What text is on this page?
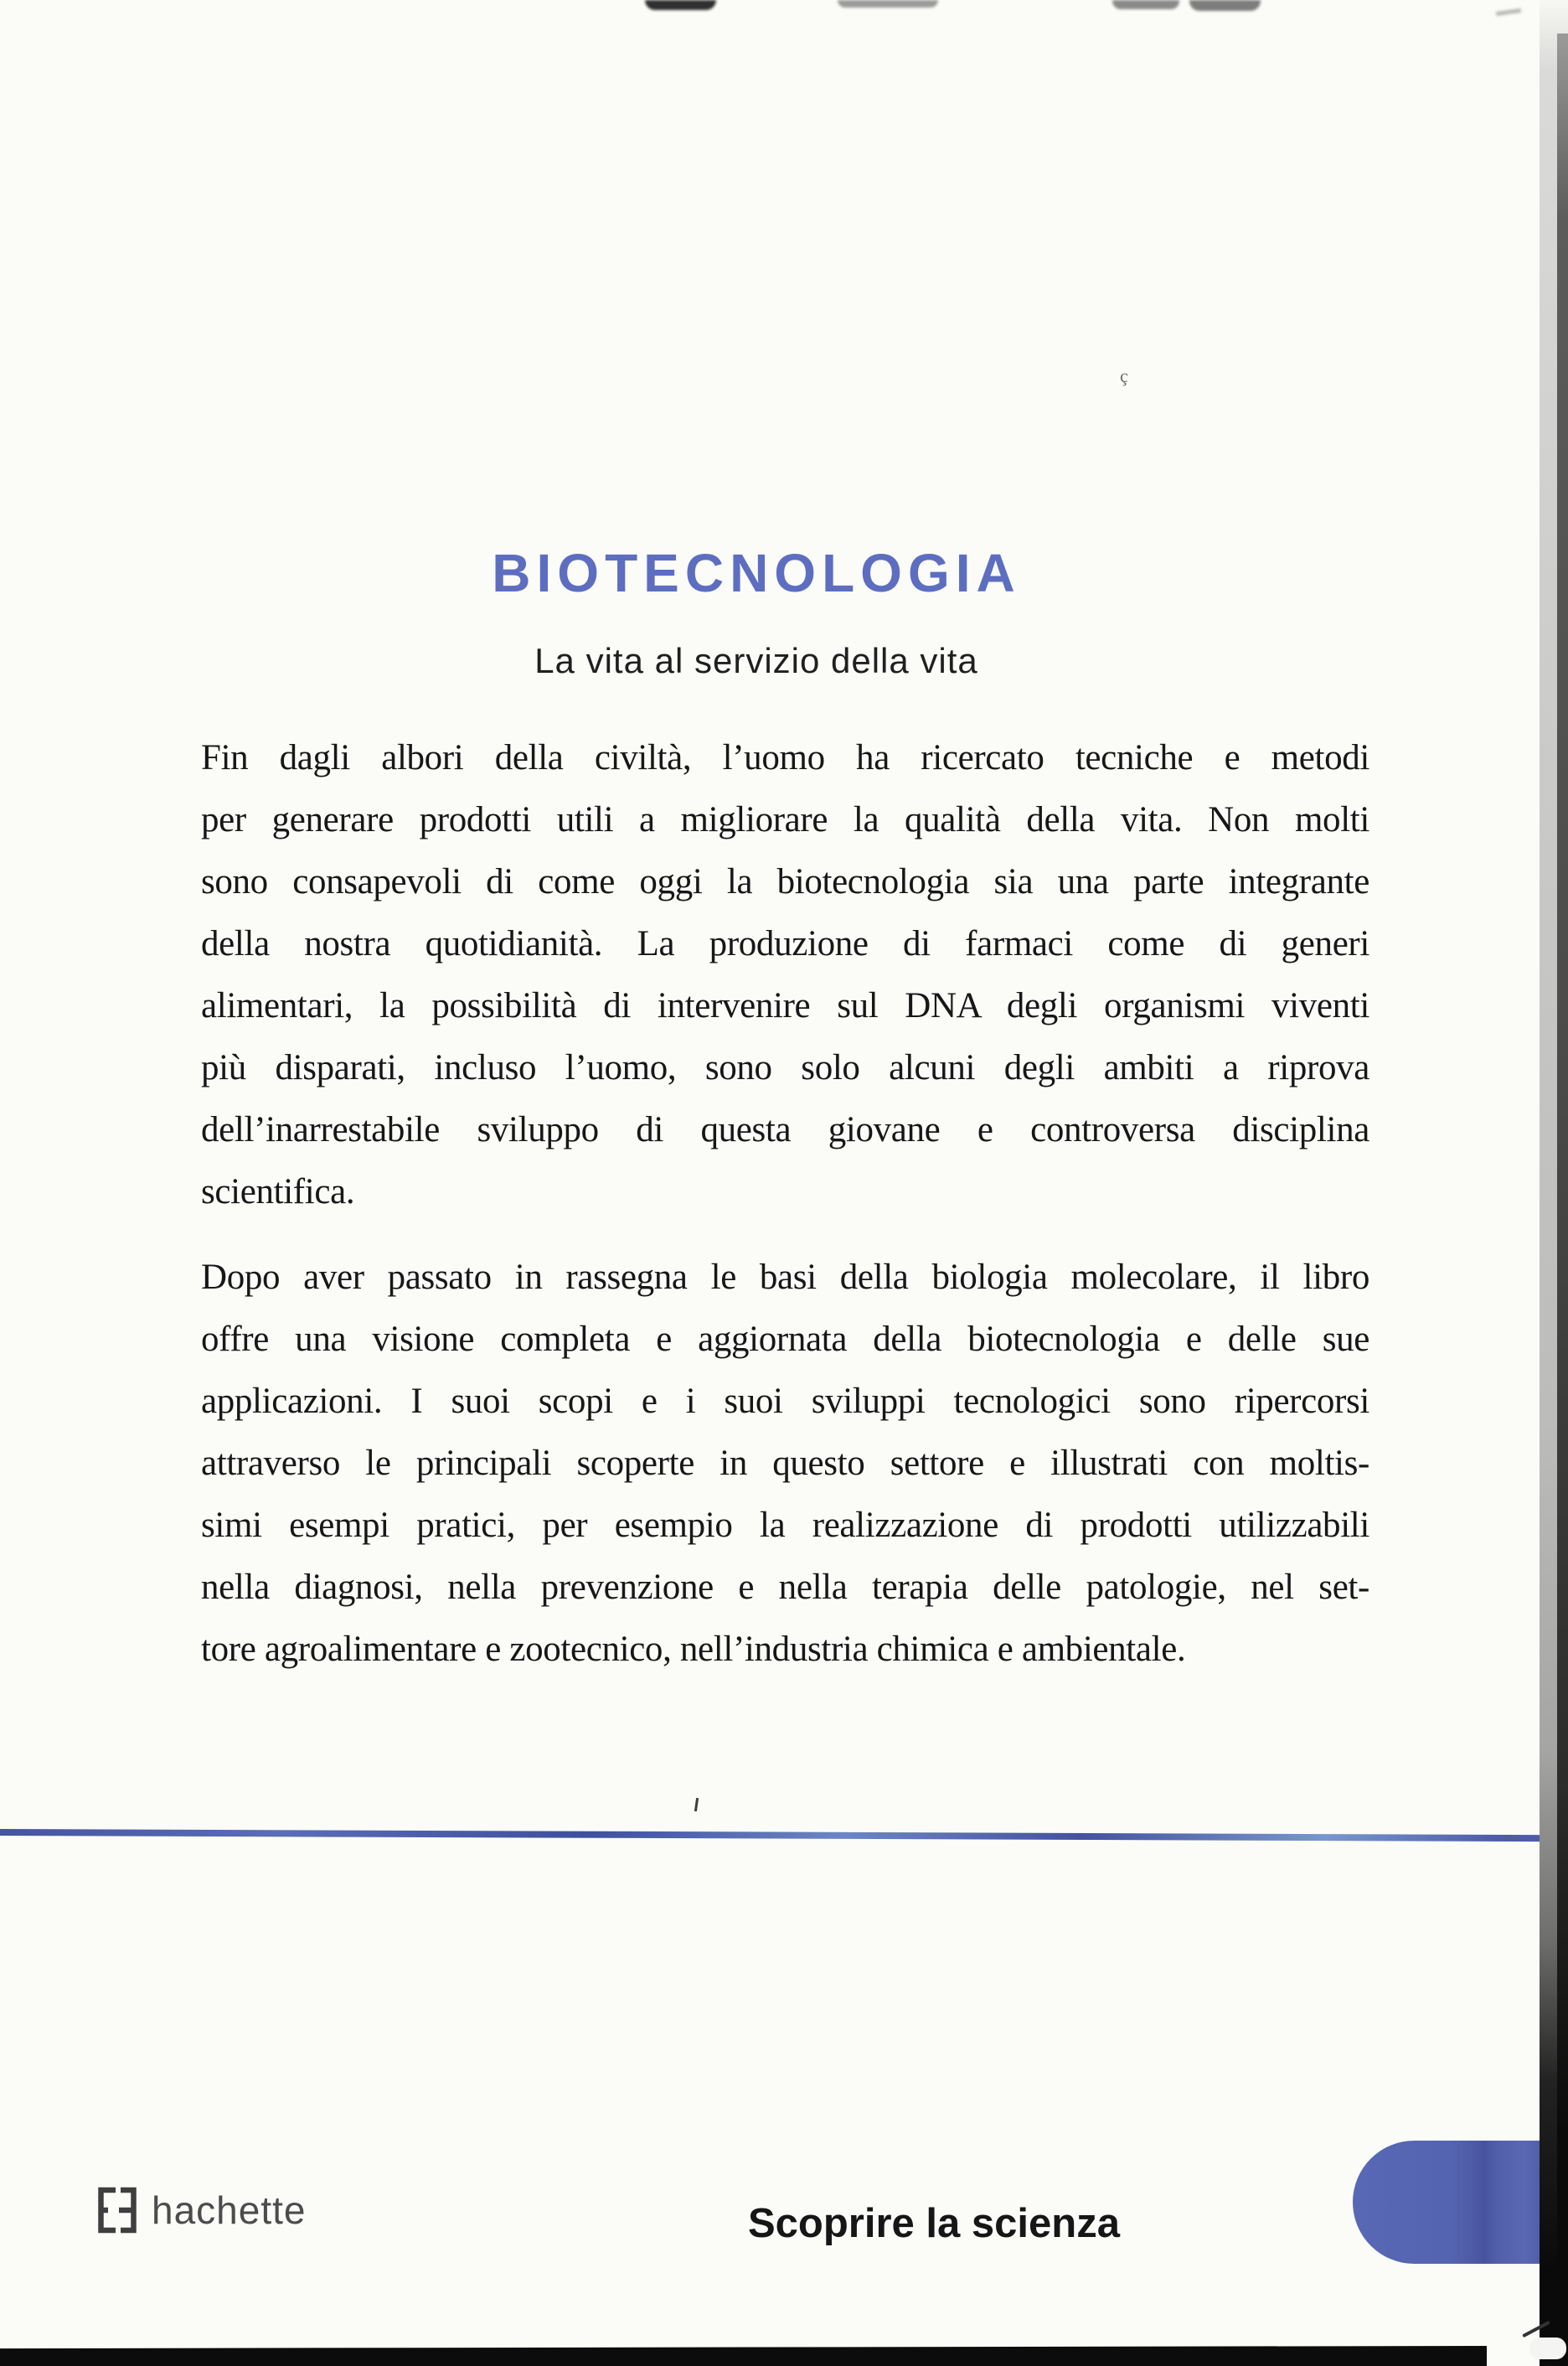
ç
BIOTECNOLOGIA
La vita al servizio della vita
Fin dagli albori della civiltà, l’uomo ha ricercato tecniche e metodi
per generare prodotti utili a migliorare la qualità della vita. Non molti
sono consapevoli di come oggi la biotecnologia sia una parte integrante
della nostra quotidianità. La produzione di farmaci come di generi
alimentari, la possibilità di intervenire sul DNA degli organismi viventi
più disparati, incluso l’uomo, sono solo alcuni degli ambiti a riprova
dell’inarrestabile sviluppo di questa giovane e controversa disciplina
scientifica.
Dopo aver passato in rassegna le basi della biologia molecolare, il libro
offre una visione completa e aggiornata della biotecnologia e delle sue
applicazioni. I suoi scopi e i suoi sviluppi tecnologici sono ripercorsi
attraverso le principali scoperte in questo settore e illustrati con moltis-
simi esempi pratici, per esempio la realizzazione di prodotti utilizzabili
nella diagnosi, nella prevenzione e nella terapia delle patologie, nel set-
tore agroalimentare e zootecnico, nell’industria chimica e ambientale.
hachette	Scoprire la scienza
